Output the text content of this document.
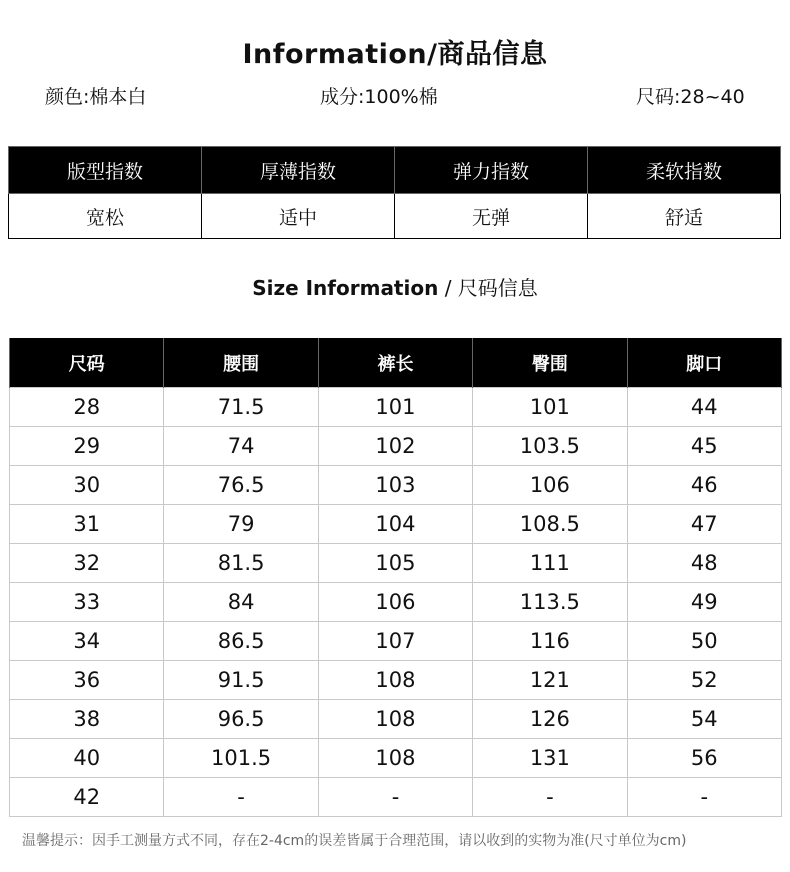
Information/商品信息
颜色:棉本白	成分:100%棉	尺码:28~40
版型指数	厚薄指数	弹力指数	柔软指数
宽松	适中	无弹	舒适
Size Information / 尺码信息
尺码	腰围	裤长	臀围	脚口
28	71.5	101	101	44
29	74	102	103.5	45
30	76.5	103	106	46
31	79	104	108.5	47
32	81.5	105	111	48
33	84	106	113.5	49
34	86.5	107	116	50
36	91.5	108	121	52
38	96.5	108	126	54
40	101.5	108	131	56
42	-	-	-	-
温馨提示：因手工测量方式不同，存在2-4cm的误差皆属于合理范围，请以收到的实物为准(尺寸单位为cm)
